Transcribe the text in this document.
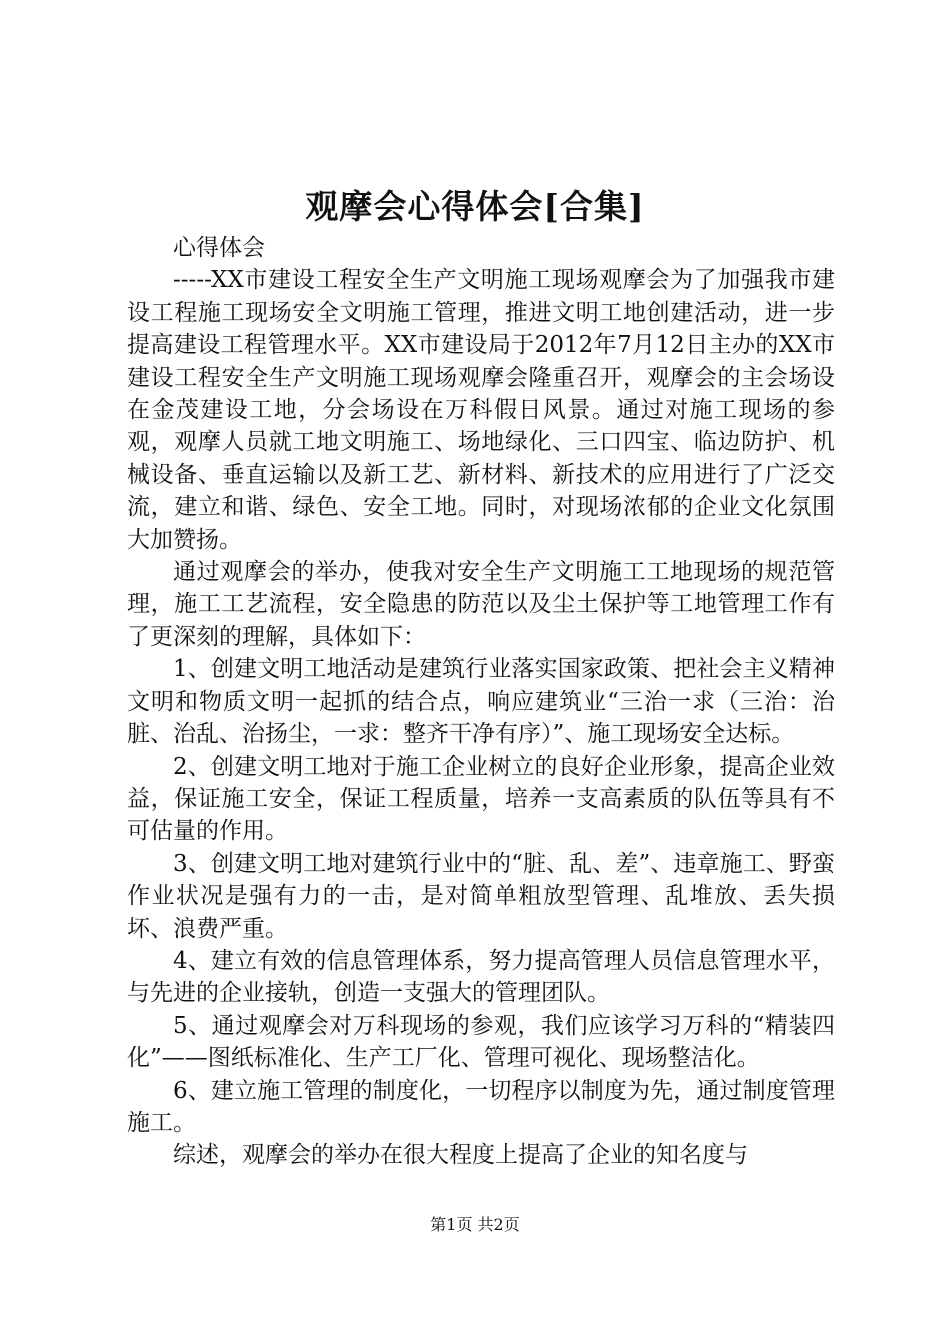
观摩会心得体会[合集]

心得体会

-----XX市建设工程安全生产文明施工现场观摩会为了加强我市建设工程施工现场安全文明施工管理，推进文明工地创建活动，进一步提高建设工程管理水平。XX市建设局于2012年7月12日主办的XX市建设工程安全生产文明施工现场观摩会隆重召开，观摩会的主会场设在金茂建设工地，分会场设在万科假日风景。通过对施工现场的参观，观摩人员就工地文明施工、场地绿化、三口四宝、临边防护、机械设备、垂直运输以及新工艺、新材料、新技术的应用进行了广泛交流，建立和谐、绿色、安全工地。同时，对现场浓郁的企业文化氛围大加赞扬。

通过观摩会的举办，使我对安全生产文明施工工地现场的规范管理，施工工艺流程，安全隐患的防范以及尘土保护等工地管理工作有了更深刻的理解，具体如下：

1、创建文明工地活动是建筑行业落实国家政策、把社会主义精神文明和物质文明一起抓的结合点，响应建筑业“三治一求（三治：治脏、治乱、治扬尘，一求：整齐干净有序）”、施工现场安全达标。

2、创建文明工地对于施工企业树立的良好企业形象，提高企业效益，保证施工安全，保证工程质量，培养一支高素质的队伍等具有不可估量的作用。

3、创建文明工地对建筑行业中的“脏、乱、差”、违章施工、野蛮作业状况是强有力的一击，是对简单粗放型管理、乱堆放、丢失损坏、浪费严重。

4、建立有效的信息管理体系，努力提高管理人员信息管理水平，与先进的企业接轨，创造一支强大的管理团队。

5、通过观摩会对万科现场的参观，我们应该学习万科的“精装四化”——图纸标准化、生产工厂化、管理可视化、现场整洁化。

6、建立施工管理的制度化，一切程序以制度为先，通过制度管理施工。

综述，观摩会的举办在很大程度上提高了企业的知名度与

第1页 共2页
